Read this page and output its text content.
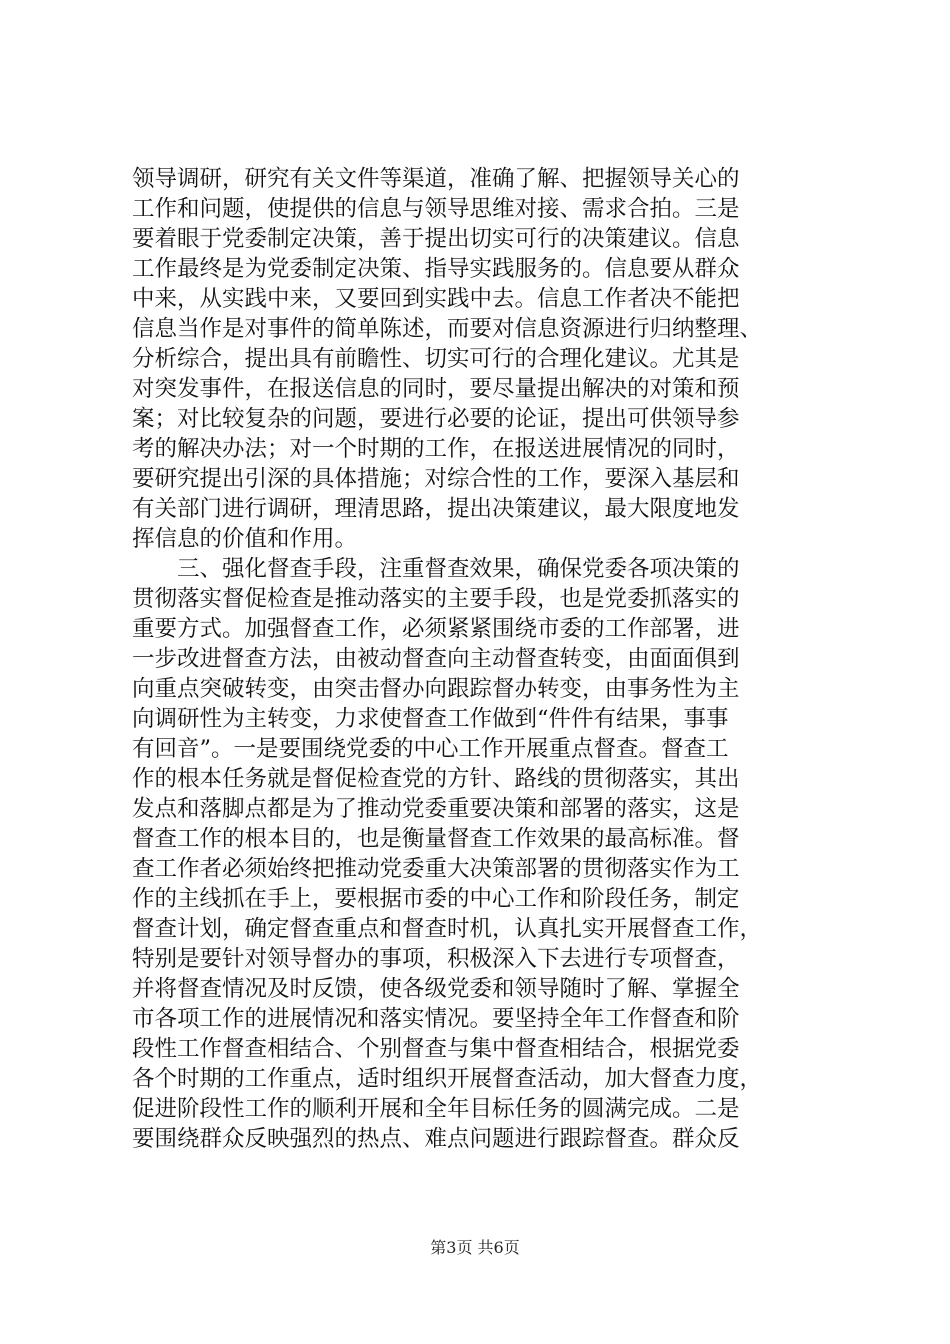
领导调研，研究有关文件等渠道，准确了解、把握领导关心的
工作和问题，使提供的信息与领导思维对接、需求合拍。三是
要着眼于党委制定决策，善于提出切实可行的决策建议。信息
工作最终是为党委制定决策、指导实践服务的。信息要从群众
中来，从实践中来，又要回到实践中去。信息工作者决不能把
信息当作是对事件的简单陈述，而要对信息资源进行归纳整理、
分析综合，提出具有前瞻性、切实可行的合理化建议。尤其是
对突发事件，在报送信息的同时，要尽量提出解决的对策和预
案；对比较复杂的问题，要进行必要的论证，提出可供领导参
考的解决办法；对一个时期的工作，在报送进展情况的同时，
要研究提出引深的具体措施；对综合性的工作，要深入基层和
有关部门进行调研，理清思路，提出决策建议，最大限度地发
挥信息的价值和作用。
　　三、强化督查手段，注重督查效果，确保党委各项决策的
贯彻落实督促检查是推动落实的主要手段，也是党委抓落实的
重要方式。加强督查工作，必须紧紧围绕市委的工作部署，进
一步改进督查方法，由被动督查向主动督查转变，由面面俱到
向重点突破转变，由突击督办向跟踪督办转变，由事务性为主
向调研性为主转变，力求使督查工作做到“件件有结果，事事
有回音”。一是要围绕党委的中心工作开展重点督查。督查工
作的根本任务就是督促检查党的方针、路线的贯彻落实，其出
发点和落脚点都是为了推动党委重要决策和部署的落实，这是
督查工作的根本目的，也是衡量督查工作效果的最高标准。督
查工作者必须始终把推动党委重大决策部署的贯彻落实作为工
作的主线抓在手上，要根据市委的中心工作和阶段任务，制定
督查计划，确定督查重点和督查时机，认真扎实开展督查工作，
特别是要针对领导督办的事项，积极深入下去进行专项督查，
并将督查情况及时反馈，使各级党委和领导随时了解、掌握全
市各项工作的进展情况和落实情况。要坚持全年工作督查和阶
段性工作督查相结合、个别督查与集中督查相结合，根据党委
各个时期的工作重点，适时组织开展督查活动，加大督查力度，
促进阶段性工作的顺利开展和全年目标任务的圆满完成。二是
要围绕群众反映强烈的热点、难点问题进行跟踪督查。群众反
第3页 共6页
